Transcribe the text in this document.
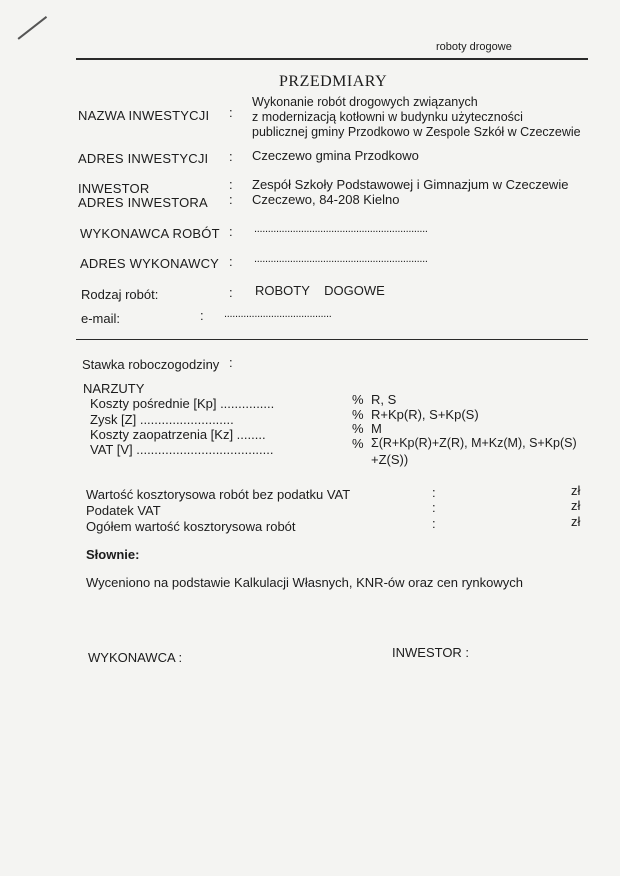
roboty drogowe
PRZEDMIARY
NAZWA INWESTYCJI :
Wykonanie robót drogowych związanych
z modernizacją kotłowni w budynku użyteczności
publicznej gminy Przodkowo w Zespole Szkół w Czeczewie
ADRES INWESTYCJI : Czeczewo gmina Przodkowo
INWESTOR	: Zespół Szkoły Podstawowej i Gimnazjum w Czeczewie
ADRES INWESTORA : Czeczewo, 84-208 Kielno
WYKONAWCA ROBÓT : ...............................................................
ADRES WYKONAWCY : ...............................................................
Rodzaj robót:	: ROBOTY    DOGOWE
e-mail:	: .......................................
Stawka roboczogodziny :
NARZUTY
Koszty pośrednie [Kp] ...............	% R, S
Zysk [Z] ..........................	% R+Kp(R), S+Kp(S)
Koszty zaopatrzenia [Kz] ........	% M
VAT [V] ......................................	% Σ(R+Kp(R)+Z(R), M+Kz(M), S+Kp(S)
+Z(S))
Wartość kosztorysowa robót bez podatku VAT	:	zł
Podatek VAT	:	zł
Ogółem wartość kosztorysowa robót	:	zł
Słownie:
Wyceniono na podstawie Kalkulacji Własnych, KNR-ów oraz cen rynkowych
WYKONAWCA :	INWESTOR :
